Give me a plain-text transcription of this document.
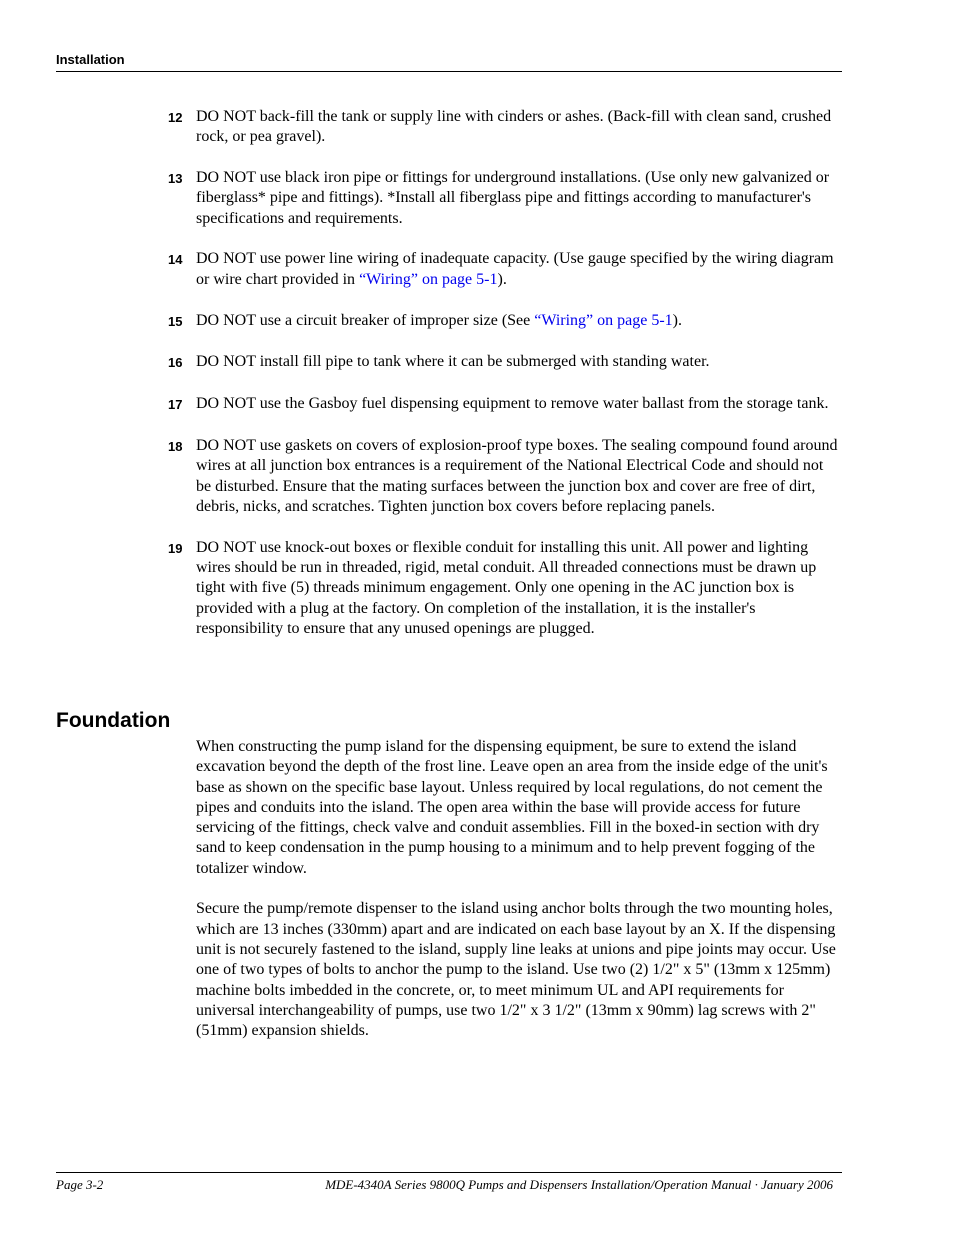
Installation
12 DO NOT back-fill the tank or supply line with cinders or ashes. (Back-fill with clean sand, crushed rock, or pea gravel).
13 DO NOT use black iron pipe or fittings for underground installations. (Use only new galvanized or fiberglass* pipe and fittings). *Install all fiberglass pipe and fittings according to manufacturer's specifications and requirements.
14 DO NOT use power line wiring of inadequate capacity. (Use gauge specified by the wiring diagram or wire chart provided in “Wiring” on page 5-1).
15 DO NOT use a circuit breaker of improper size (See “Wiring” on page 5-1).
16 DO NOT install fill pipe to tank where it can be submerged with standing water.
17 DO NOT use the Gasboy fuel dispensing equipment to remove water ballast from the storage tank.
18 DO NOT use gaskets on covers of explosion-proof type boxes. The sealing compound found around wires at all junction box entrances is a requirement of the National Electrical Code and should not be disturbed. Ensure that the mating surfaces between the junction box and cover are free of dirt, debris, nicks, and scratches. Tighten junction box covers before replacing panels.
19 DO NOT use knock-out boxes or flexible conduit for installing this unit. All power and lighting wires should be run in threaded, rigid, metal conduit. All threaded connections must be drawn up tight with five (5) threads minimum engagement. Only one opening in the AC junction box is provided with a plug at the factory. On completion of the installation, it is the installer's responsibility to ensure that any unused openings are plugged.
Foundation

When constructing the pump island for the dispensing equipment, be sure to extend the island excavation beyond the depth of the frost line. Leave open an area from the inside edge of the unit's base as shown on the specific base layout. Unless required by local regulations, do not cement the pipes and conduits into the island. The open area within the base will provide access for future servicing of the fittings, check valve and conduit assemblies. Fill in the boxed-in section with dry sand to keep condensation in the pump housing to a minimum and to help prevent fogging of the totalizer window.

Secure the pump/remote dispenser to the island using anchor bolts through the two mounting holes, which are 13 inches (330mm) apart and are indicated on each base layout by an X. If the dispensing unit is not securely fastened to the island, supply line leaks at unions and pipe joints may occur. Use one of two types of bolts to anchor the pump to the island. Use two (2) 1/2" x 5" (13mm x 125mm) machine bolts imbedded in the concrete, or, to meet minimum UL and API requirements for universal interchangeability of pumps, use two 1/2" x 3 1/2" (13mm x 90mm) lag screws with 2" (51mm) expansion shields.

Page 3-2	MDE-4340A Series 9800Q Pumps and Dispensers Installation/Operation Manual · January 2006
